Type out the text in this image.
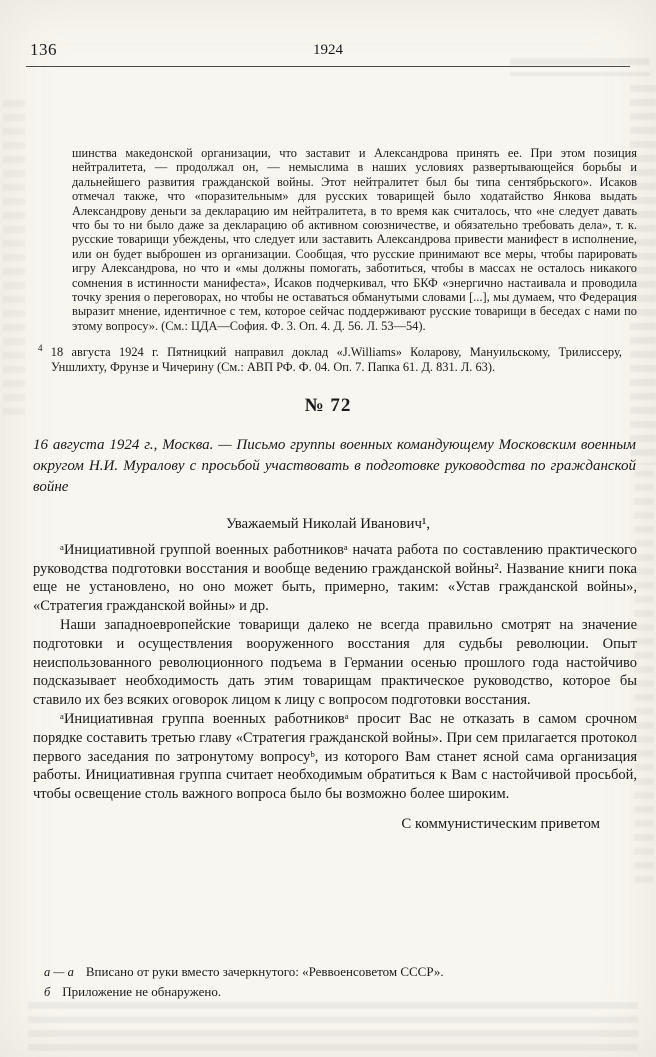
136	1924

шинства македонской организации, что заставит и Александрова принять ее. При этом позиция нейтралитета, — продолжал он, — немыслима в наших условиях развертывающейся борьбы и дальнейшего развития гражданской войны. Этот нейтралитет был бы типа сентябрьского». Исаков отмечал также, что «поразительным» для русских товарищей было ходатайство Янкова выдать Александрову деньги за декларацию им нейтралитета, в то время как считалось, что «не следует давать что бы то ни было даже за декларацию об активном союзничестве, и обязательно требовать дела», т. к. русские товарищи убеждены, что следует или заставить Александрова привести манифест в исполнение, или он будет выброшен из организации. Сообщая, что русские принимают все меры, чтобы парировать игру Александрова, но что и «мы должны помогать, заботиться, чтобы в массах не осталось никакого сомнения в истинности манифеста», Исаков подчеркивал, что БКФ «энергично настаивала и проводила точку зрения о переговорах, но чтобы не оставаться обманутыми словами [...], мы думаем, что Федерация выразит мнение, идентичное с тем, которое сейчас поддерживают русские товарищи в беседах с нами по этому вопросу». (См.: ЦДА—София. Ф. 3. Оп. 4. Д. 56. Л. 53—54).

$^4$ 18 августа 1924 г. Пятницкий направил доклад «J.Williams» Коларову, Мануильскому, Трилиссеру, Уншлихту, Фрунзе и Чичерину (См.: АВП РФ. Ф. 04. Оп. 7. Папка 61. Д. 831. Л. 63).

№ 72

16 августа 1924 г., Москва. — Письмо группы военных командующему Московским военным округом Н.И. Муралову с просьбой участвовать в подготовке руководства по гражданской войне

Уважаемый Николай Иванович¹,

ᵃИнициативной группой военных работниковᵃ начата работа по составлению практического руководства подготовки восстания и вообще ведению гражданской войны². Название книги пока еще не установлено, но оно может быть, примерно, таким: «Устав гражданской войны», «Стратегия гражданской войны» и др.

Наши западноевропейские товарищи далеко не всегда правильно смотрят на значение подготовки и осуществления вооруженного восстания для судьбы революции. Опыт неиспользованного революционного подъема в Германии осенью прошлого года настойчиво подсказывает необходимость дать этим товарищам практическое руководство, которое бы ставило их без всяких оговорок лицом к лицу с вопросом подготовки восстания.

ᵃИнициативная группа военных работниковᵃ просит Вас не отказать в самом срочном порядке составить третью главу «Стратегия гражданской войны». При сем прилагается протокол первого заседания по затронутому вопросуᵇ, из которого Вам станет ясной сама организация работы. Инициативная группа считает необходимым обратиться к Вам с настойчивой просьбой, чтобы освещение столь важного вопроса было бы возможно более широким.

С коммунистическим приветом

а — а Вписано от руки вместо зачеркнутого: «Реввоенсоветом СССР».

б Приложение не обнаружено.
